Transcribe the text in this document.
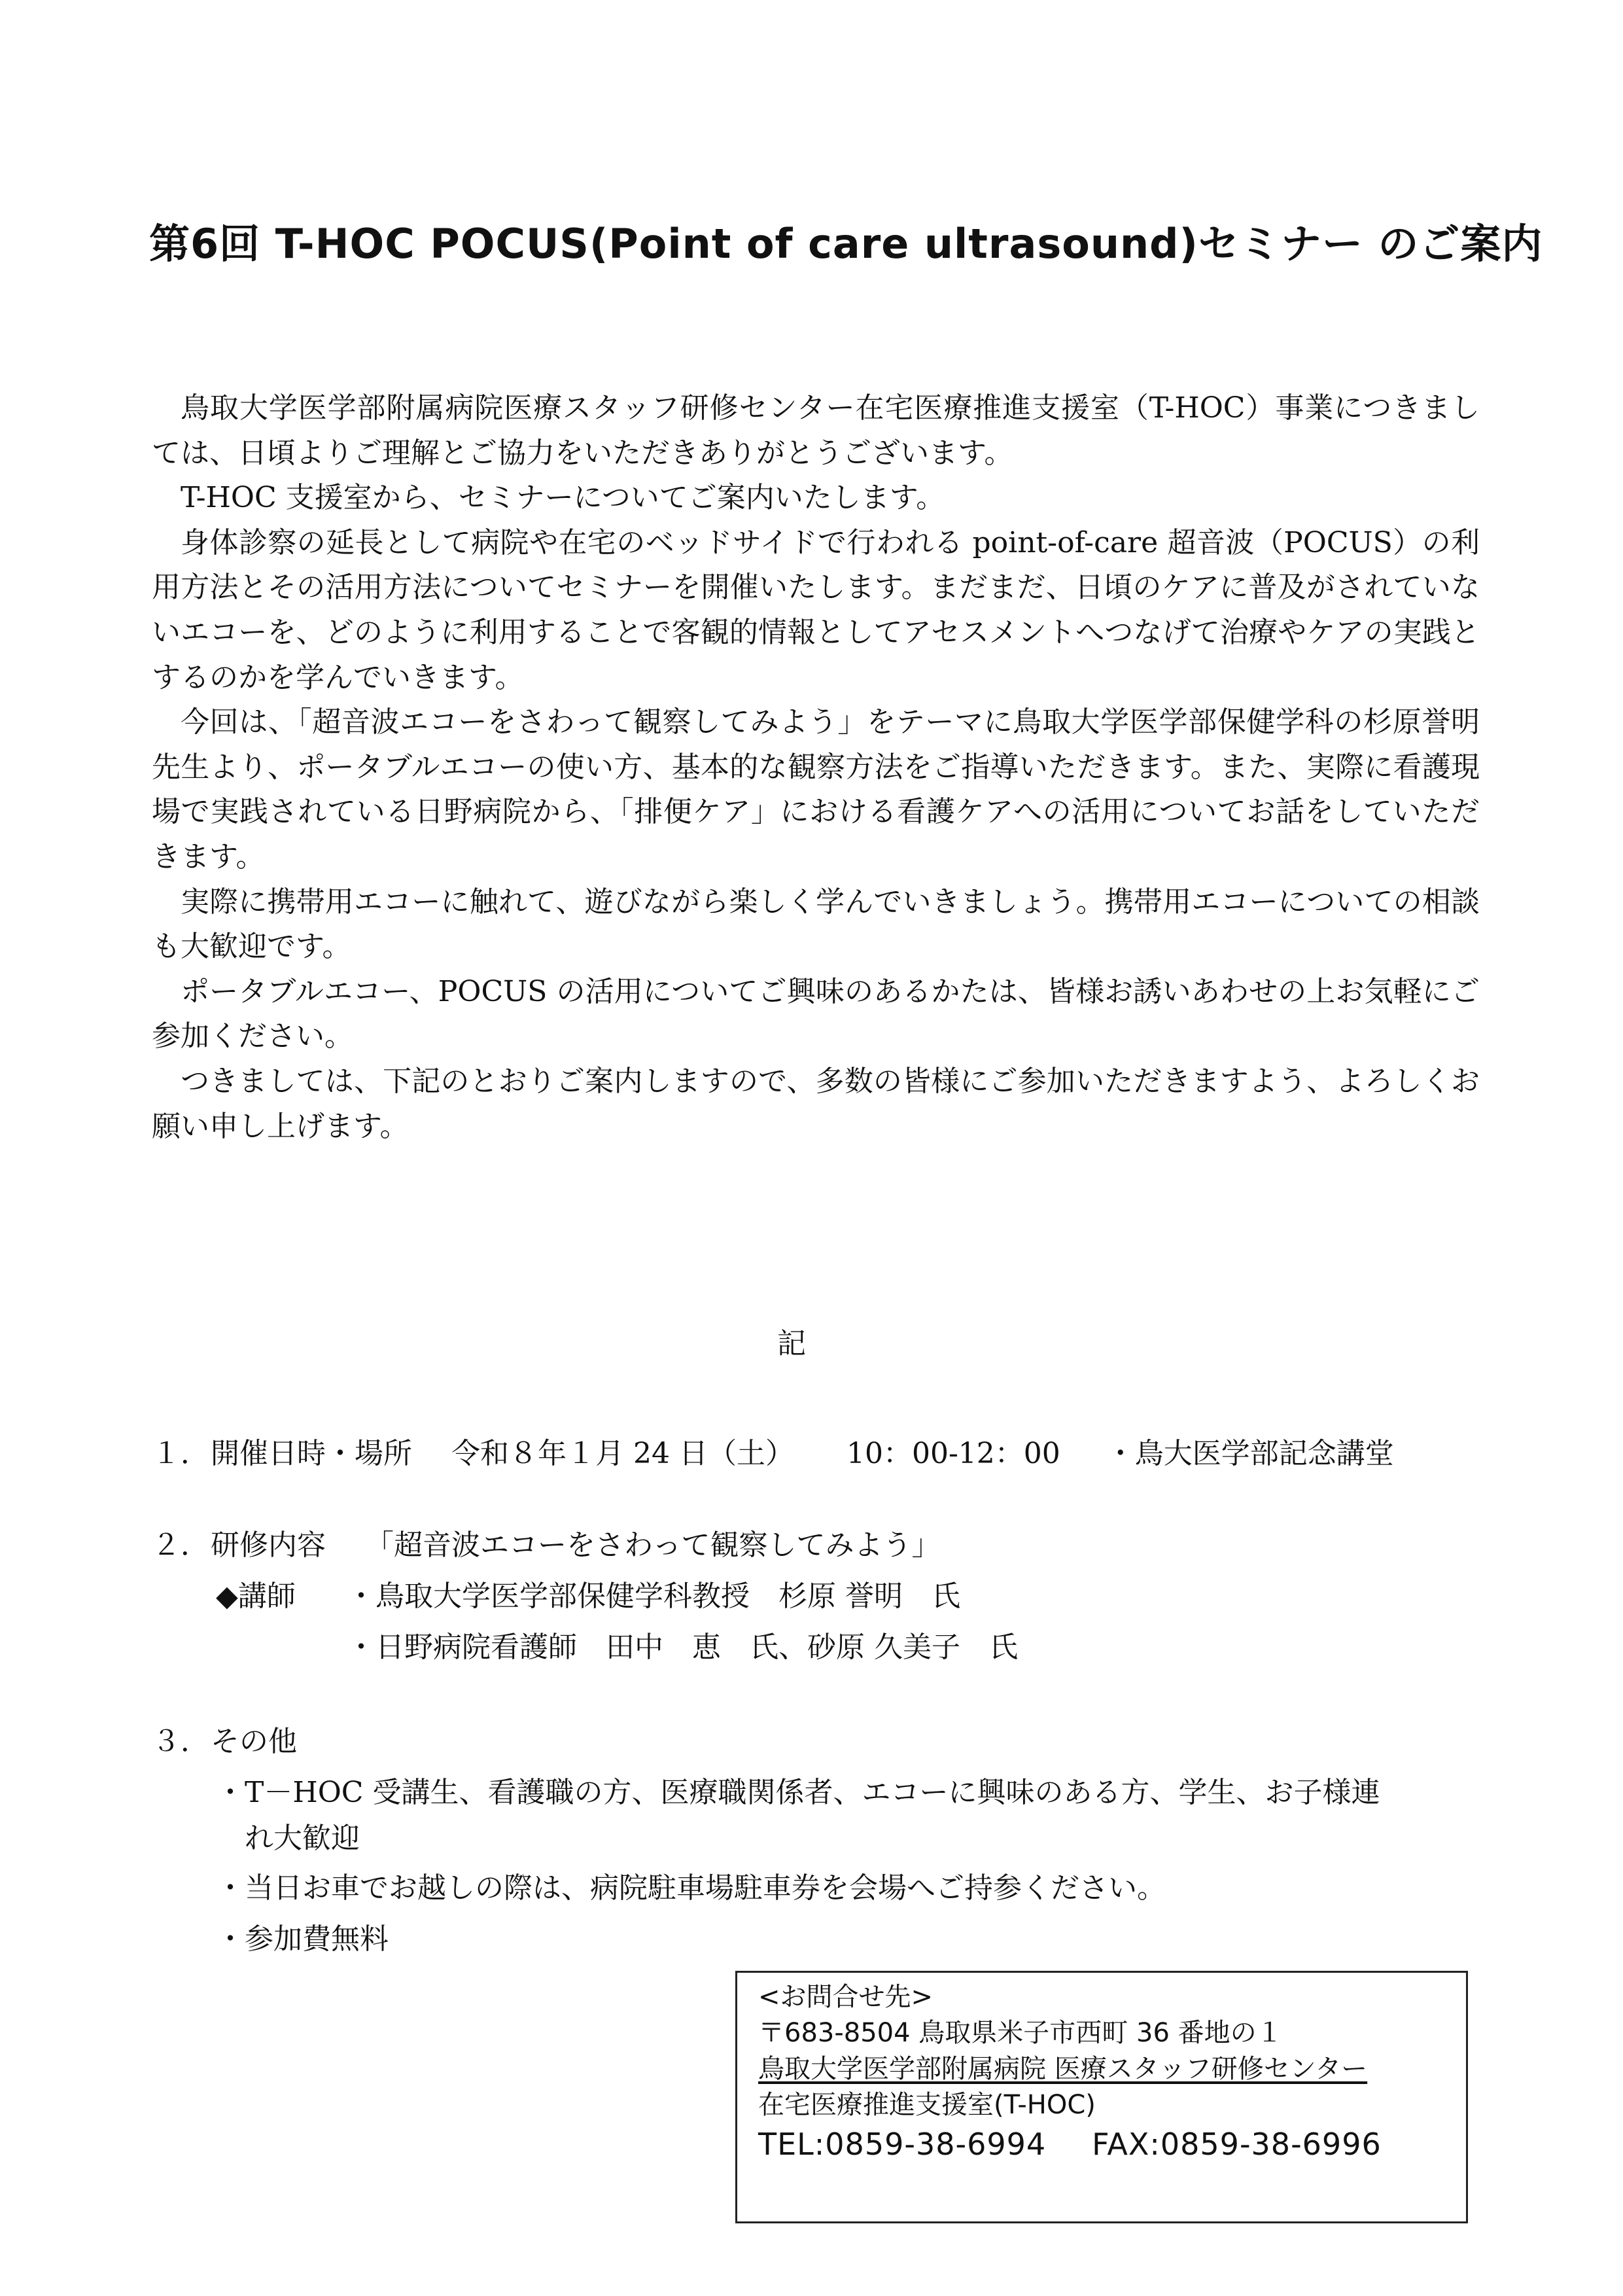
第6回 T-HOC POCUS(Point of care ultrasound)セミナー のご案内

鳥取大学医学部附属病院医療スタッフ研修センター在宅医療推進支援室（T-HOC）事業につきましては、日頃よりご理解とご協力をいただきありがとうございます。

T-HOC 支援室から、セミナーについてご案内いたします。

身体診察の延長として病院や在宅のベッドサイドで行われる point-of-care 超音波（POCUS）の利用方法とその活用方法についてセミナーを開催いたします。まだまだ、日頃のケアに普及がされていないエコーを、どのように利用することで客観的情報としてアセスメントへつなげて治療やケアの実践とするのかを学んでいきます。

今回は、「超音波エコーをさわって観察してみよう」をテーマに鳥取大学医学部保健学科の杉原誉明先生より、ポータブルエコーの使い方、基本的な観察方法をご指導いただきます。また、実際に看護現場で実践されている日野病院から、「排便ケア」における看護ケアへの活用についてお話をしていただきます。

実際に携帯用エコーに触れて、遊びながら楽しく学んでいきましょう。携帯用エコーについての相談も大歓迎です。

ポータブルエコー、POCUS の活用についてご興味のあるかたは、皆様お誘いあわせの上お気軽にご参加ください。

つきましては、下記のとおりご案内しますので、多数の皆様にご参加いただきますよう、よろしくお願い申し上げます。

記
１．開催日時・場所 令和８年１月 24 日（土） 10：00-12：00 ・鳥大医学部記念講堂
２．研修内容 「超音波エコーをさわって観察してみよう」
◆講師 ・鳥取大学医学部保健学科教授　杉原 誉明　氏
・日野病院看護師　田中　恵　氏、砂原 久美子　氏
３．その他
・T－HOC 受講生、看護職の方、医療職関係者、エコーに興味のある方、学生、お子様連
れ大歓迎
・当日お車でお越しの際は、病院駐車場駐車券を会場へご持参ください。
・参加費無料
<お問合せ先>
〒683-8504 鳥取県米子市西町 36 番地の１
鳥取大学医学部附属病院 医療スタッフ研修センター
在宅医療推進支援室(T-HOC)
TEL:0859-38-6994 FAX:0859-38-6996
